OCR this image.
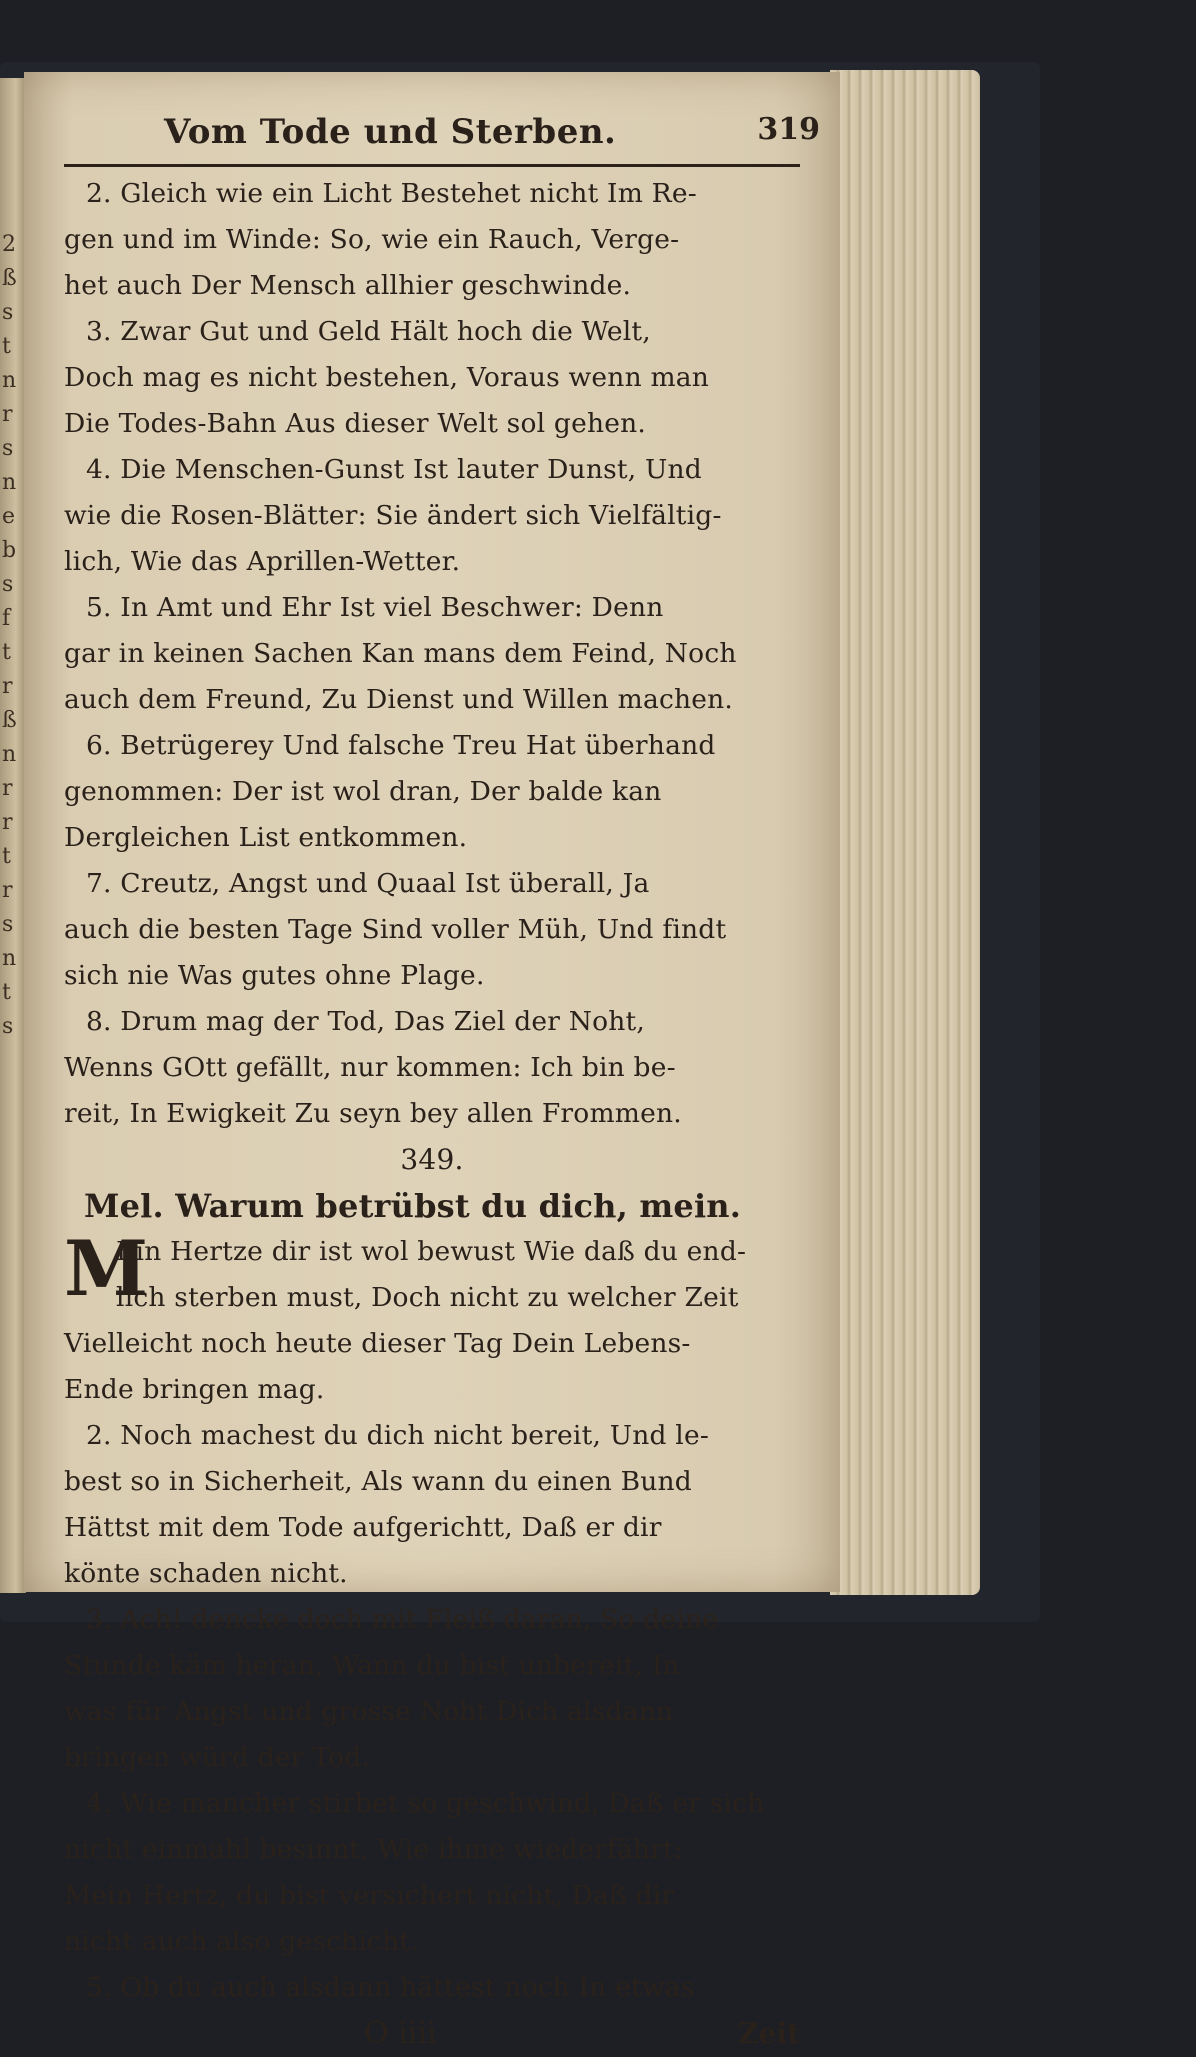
2
ß
s
t
n
r
s
n
e
b
s
f
t
r
ß
n
r
r
t
r
s
n
t
s
Vom Tode und Sterben.	319
2. Gleich wie ein Licht Bestehet nicht Im Re-
gen und im Winde: So, wie ein Rauch, Verge-
het auch Der Mensch allhier geschwinde.
3. Zwar Gut und Geld Hält hoch die Welt,
Doch mag es nicht bestehen, Voraus wenn man
Die Todes-Bahn Aus dieser Welt sol gehen.
4. Die Menschen-Gunst Ist lauter Dunst, Und
wie die Rosen-Blätter: Sie ändert sich Vielfältig-
lich, Wie das Aprillen-Wetter.
5. In Amt und Ehr Ist viel Beschwer: Denn
gar in keinen Sachen Kan mans dem Feind, Noch
auch dem Freund, Zu Dienst und Willen machen.
6. Betrügerey Und falsche Treu Hat überhand
genommen: Der ist wol dran, Der balde kan
Dergleichen List entkommen.
7. Creutz, Angst und Quaal Ist überall, Ja
auch die besten Tage Sind voller Müh, Und findt
sich nie Was gutes ohne Plage.
8. Drum mag der Tod, Das Ziel der Noht,
Wenns GOtt gefällt, nur kommen: Ich bin be-
reit, In Ewigkeit Zu seyn bey allen Frommen.
349.
Mel. Warum betrübst du dich, mein.
M
Ein Hertze dir ist wol bewust Wie daß du end-
lich sterben must, Doch nicht zu welcher Zeit
Vielleicht noch heute dieser Tag Dein Lebens-
Ende bringen mag.
2. Noch machest du dich nicht bereit, Und le-
best so in Sicherheit, Als wann du einen Bund
Hättst mit dem Tode aufgerichtt, Daß er dir
könte schaden nicht.
3. Ach! dencke doch mit Fleiß daran, So deine
Stunde käm heran, Wann du bist unbereit, In
was für Angst und grosse Noht Dich alsdann
bringen würd der Tod.
4. Wie mancher stirbet so geschwind, Daß er sich
nicht einmahl besinnt, Wie ihme wiederfährt:
Mein Hertz, du bist versichert nicht, Daß dir
nicht auch also geschicht.
5. Ob du auch alsdann hättest noch In etwas
O iiii	Zeit
